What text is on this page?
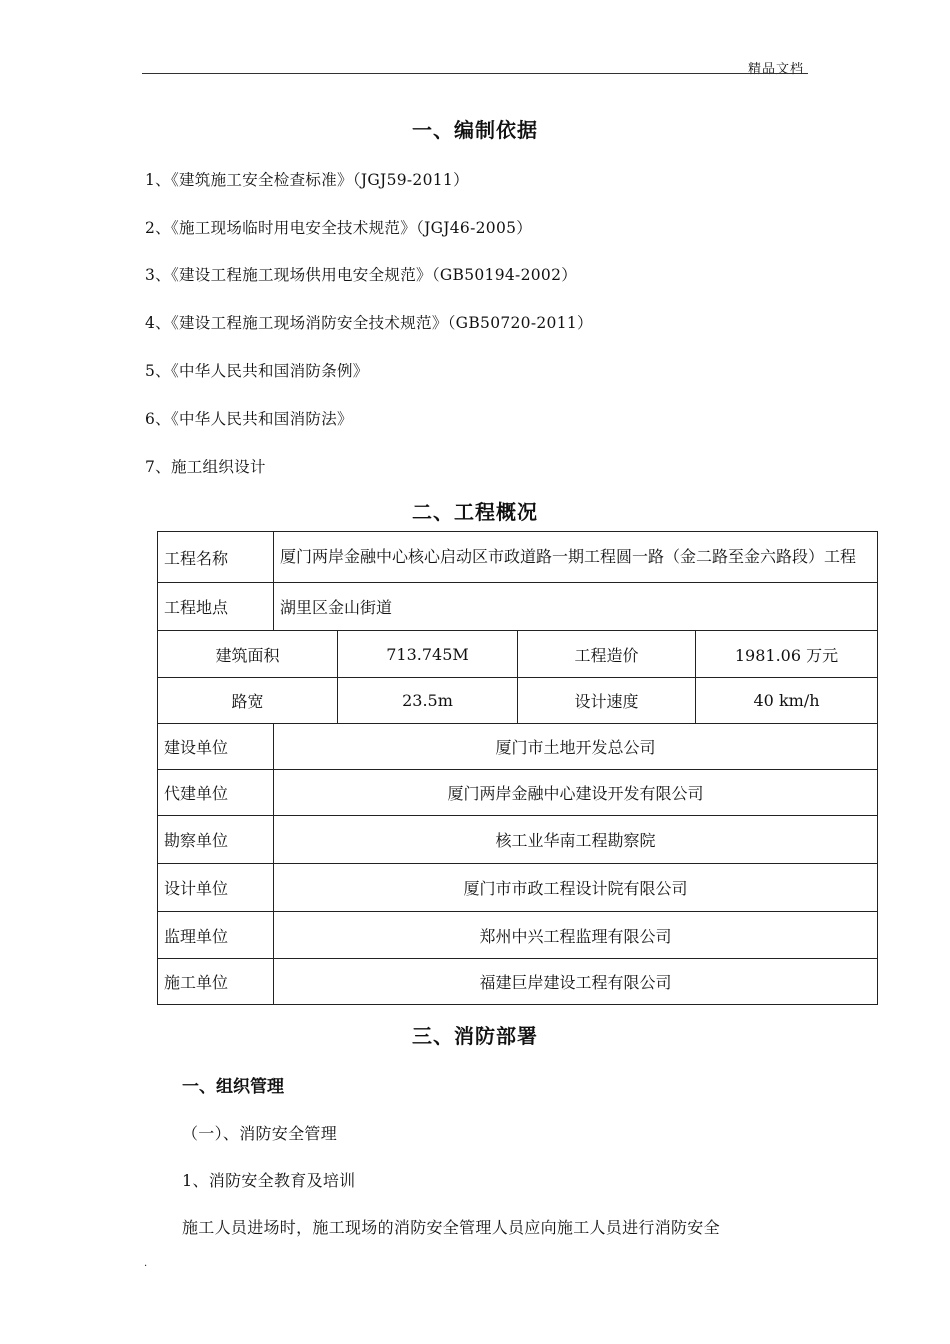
精品文档
一、编制依据
1、《建筑施工安全检查标准》（JGJ59-2011）
2、《施工现场临时用电安全技术规范》（JGJ46-2005）
3、《建设工程施工现场供用电安全规范》（GB50194-2002）
4、《建设工程施工现场消防安全技术规范》（GB50720-2011）
5、《中华人民共和国消防条例》
6、《中华人民共和国消防法》
7、施工组织设计
二、工程概况
工程名称	厦门两岸金融中心核心启动区市政道路一期工程圆一路（金二路至金六路段）工程			
工程地点	湖里区金山街道			
建筑面积		713.745M	工程造价	1981.06 万元
路宽		23.5m	设计速度	40 km/h
建设单位	厦门市土地开发总公司			
代建单位	厦门两岸金融中心建设开发有限公司			
勘察单位	核工业华南工程勘察院			
设计单位	厦门市市政工程设计院有限公司			
监理单位	郑州中兴工程监理有限公司			
施工单位	福建巨岸建设工程有限公司			
三、消防部署
一、组织管理
（一）、消防安全管理
1、消防安全教育及培训
施工人员进场时，施工现场的消防安全管理人员应向施工人员进行消防安全
.
